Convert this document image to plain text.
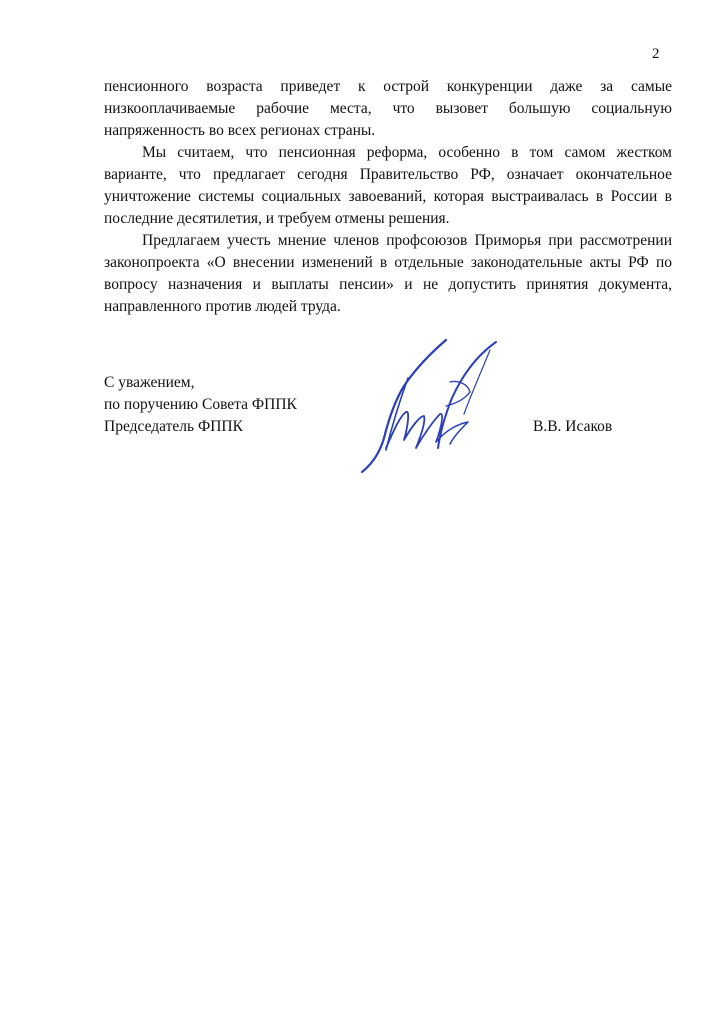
2

пенсионного возраста приведет к острой конкуренции даже за самые низкооплачиваемые рабочие места, что вызовет большую социальную напряженность во всех регионах страны.

Мы считаем, что пенсионная реформа, особенно в том самом жестком варианте, что предлагает сегодня Правительство РФ, означает окончательное уничтожение системы социальных завоеваний, которая выстраивалась в России в последние десятилетия, и требуем отмены решения.

Предлагаем учесть мнение членов профсоюзов Приморья при рассмотрении законопроекта «О внесении изменений в отдельные законодательные акты РФ по вопросу назначения и выплаты пенсии» и не допустить принятия документа, направленного против людей труда.

С уважением,
по поручению Совета ФППК
Председатель ФППК	В.В. Исаков
